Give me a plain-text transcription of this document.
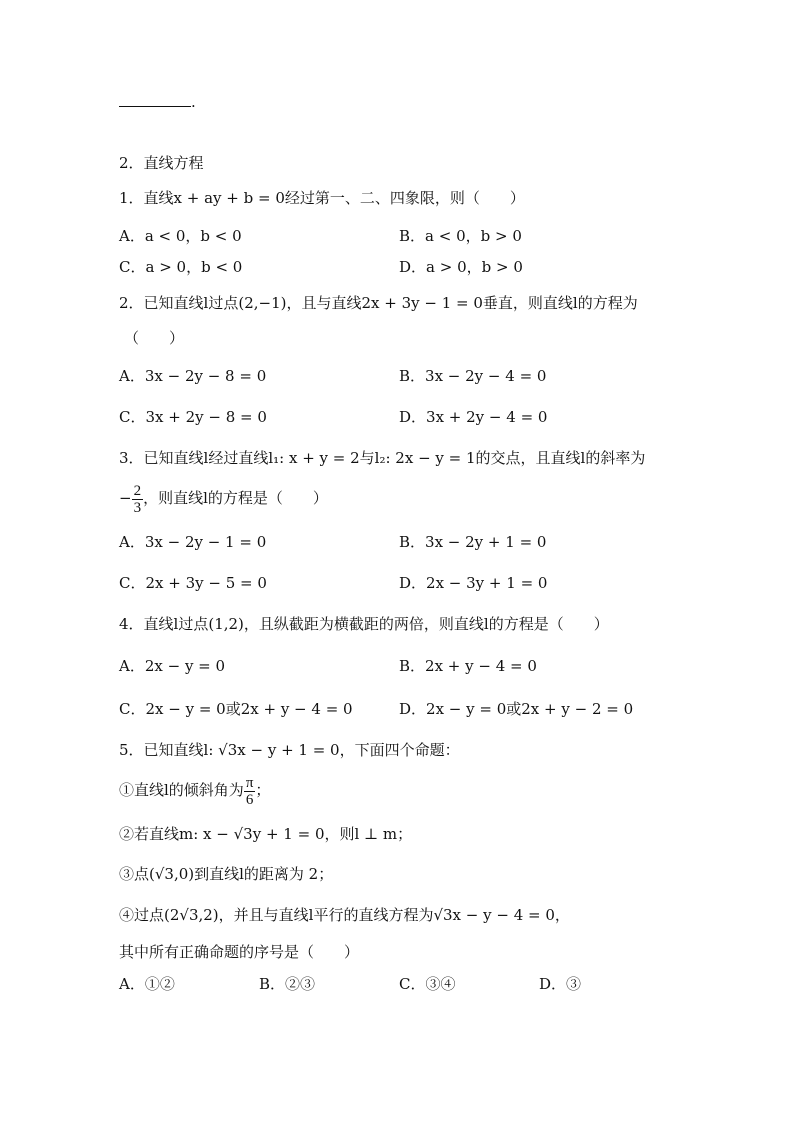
.
2．直线方程
1．直线x + ay + b = 0经过第一、二、四象限，则（　　）
A．a < 0，b < 0	B．a < 0，b > 0
C．a > 0，b < 0	D．a > 0，b > 0
2．已知直线l过点(2,−1)，且与直线2x + 3y − 1 = 0垂直，则直线l的方程为
（　　）
A．3x − 2y − 8 = 0	B．3x − 2y − 4 = 0
C．3x + 2y − 8 = 0	D．3x + 2y − 4 = 0
3．已知直线l经过直线l₁: x + y = 2与l₂: 2x − y = 1的交点，且直线l的斜率为
− $\frac{2}{3}$ ，则直线l的方程是（　　）
A．3x − 2y − 1 = 0	B．3x − 2y + 1 = 0
C．2x + 3y − 5 = 0	D．2x − 3y + 1 = 0
4．直线l过点(1,2)，且纵截距为横截距的两倍，则直线l的方程是（　　）
A．2x − y = 0	B．2x + y − 4 = 0
C．2x − y = 0或2x + y − 4 = 0	D．2x − y = 0或2x + y − 2 = 0
5．已知直线l: √3x − y + 1 = 0，下面四个命题：
①直线l的倾斜角为 $\frac{\pi}{6}$ ；
②若直线m: x − √3y + 1 = 0，则l ⊥ m；
③点(√3,0)到直线l的距离为 2；
④过点(2√3,2)，并且与直线l平行的直线方程为√3x − y − 4 = 0，
其中所有正确命题的序号是（　　）
A．①②	B．②③	C．③④	D．③
